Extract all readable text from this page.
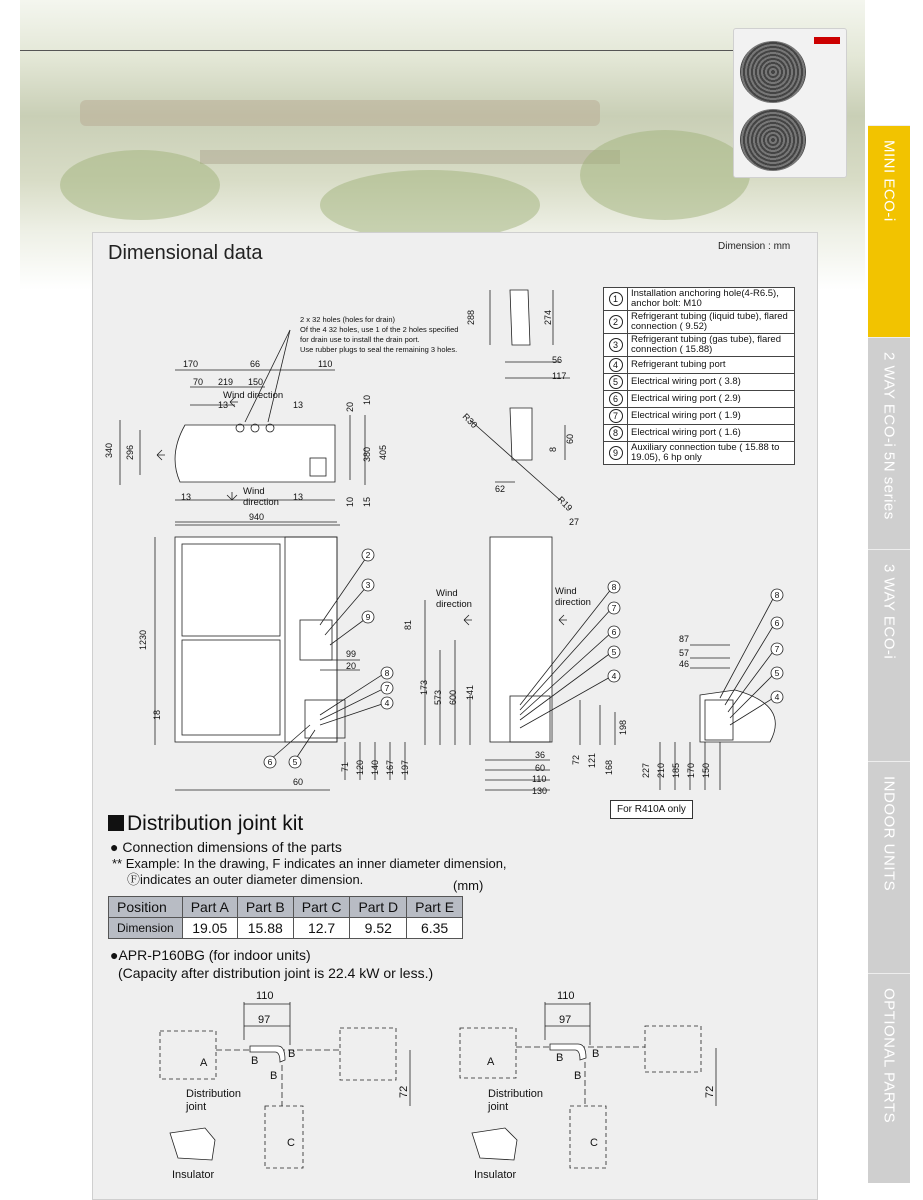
MINI ECO-i
2 WAY ECO-i 5N series
3 WAY ECO-i
INDOOR UNITS
OPTIONAL PARTS
Dimensional data	Dimension : mm
170	66	110
70 219 150
13	13	20
10
340 296	380 405
13	13	10 15
940
288	274
56
117
R30
60
8
62
R19
27
1230
18
81
99
20
173
573 600
60
71 120 140 167 197
141
36
60
110
130
198
72 121 168
87
57
46
227 210 185 170 150
2 x 32 holes (holes for drain)
Of the 4 32 holes, use 1 of the 2 holes specified
for drain use to install the drain port.
Use rubber plugs to seal the remaining 3 holes.
Wind direction
Wind
direction
Wind
direction
Wind
direction
2
3
9
8
7
4
6 5
8
7
6
5
4
8
6
7
5
4
110
97
72
A	B
B
B
C
Distribution
joint
Insulator
110
97
72
A	B	B
B
C
Distribution
joint
Insulator
1	Installation anchoring hole(4-R6.5), anchor bolt: M10
2	Refrigerant tubing (liquid tube), flared connection ( 9.52)
3	Refrigerant tubing (gas tube), flared connection ( 15.88)
4	Refrigerant tubing port
5	Electrical wiring port ( 3.8)
6	Electrical wiring port ( 2.9)
7	Electrical wiring port ( 1.9)
8	Electrical wiring port ( 1.6)
9	Auxiliary connection tube ( 15.88 to 19.05), 6 hp only
For R410A only
Distribution joint kit
● Connection dimensions of the parts
** Example: In the drawing, F indicates an inner diameter dimension,
Ⓕindicates an outer diameter dimension.	(mm)
Position	Part A	Part B	Part C	Part D	Part E
Dimension	19.05	15.88	12.7	9.52	6.35
●APR-P160BG (for indoor units)
(Capacity after distribution joint is 22.4 kW or less.)
